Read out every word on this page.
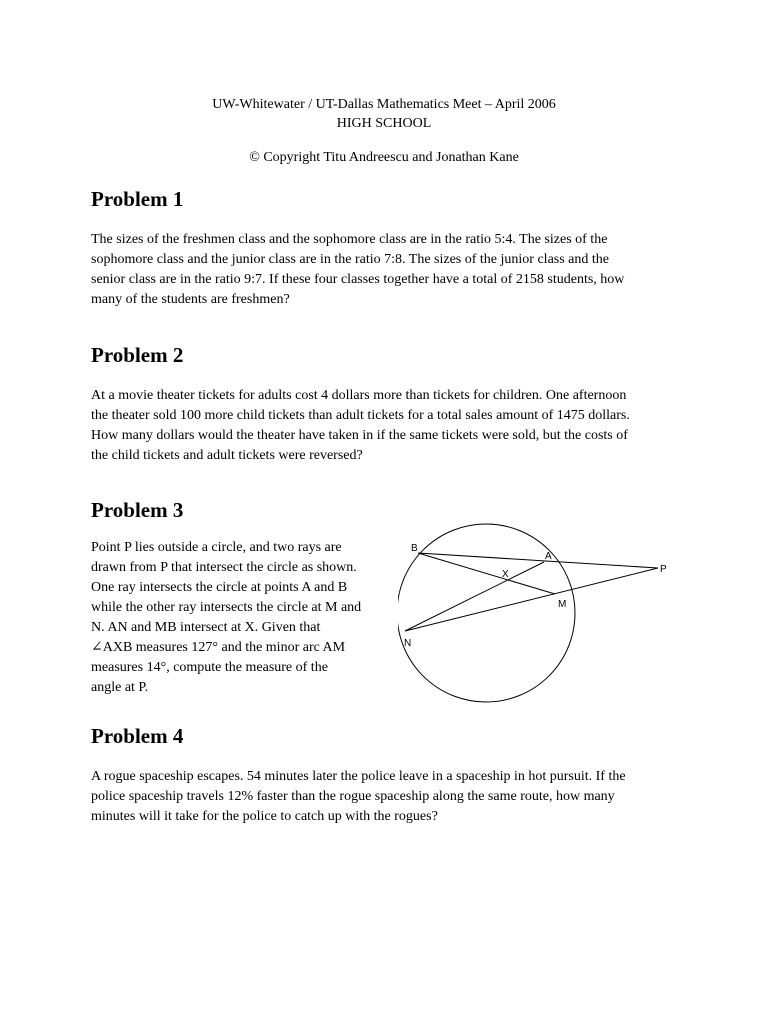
UW-Whitewater / UT-Dallas Mathematics Meet – April 2006
HIGH SCHOOL
© Copyright Titu Andreescu and Jonathan Kane
Problem 1
The sizes of the freshmen class and the sophomore class are in the ratio 5:4. The sizes of the
sophomore class and the junior class are in the ratio 7:8. The sizes of the junior class and the
senior class are in the ratio 9:7. If these four classes together have a total of 2158 students, how
many of the students are freshmen?
Problem 2
At a movie theater tickets for adults cost 4 dollars more than tickets for children. One afternoon
the theater sold 100 more child tickets than adult tickets for a total sales amount of 1475 dollars.
How many dollars would the theater have taken in if the same tickets were sold, but the costs of
the child tickets and adult tickets were reversed?
Problem 3
Point P lies outside a circle, and two rays are
drawn from P that intersect the circle as shown.
One ray intersects the circle at points A and B
while the other ray intersects the circle at M and
N. AN and MB intersect at X. Given that
∠AXB measures 127° and the minor arc AM
measures 14°, compute the measure of the
angle at P.
B
A
X	P
M
N
Problem 4
A rogue spaceship escapes. 54 minutes later the police leave in a spaceship in hot pursuit. If the
police spaceship travels 12% faster than the rogue spaceship along the same route, how many
minutes will it take for the police to catch up with the rogues?
